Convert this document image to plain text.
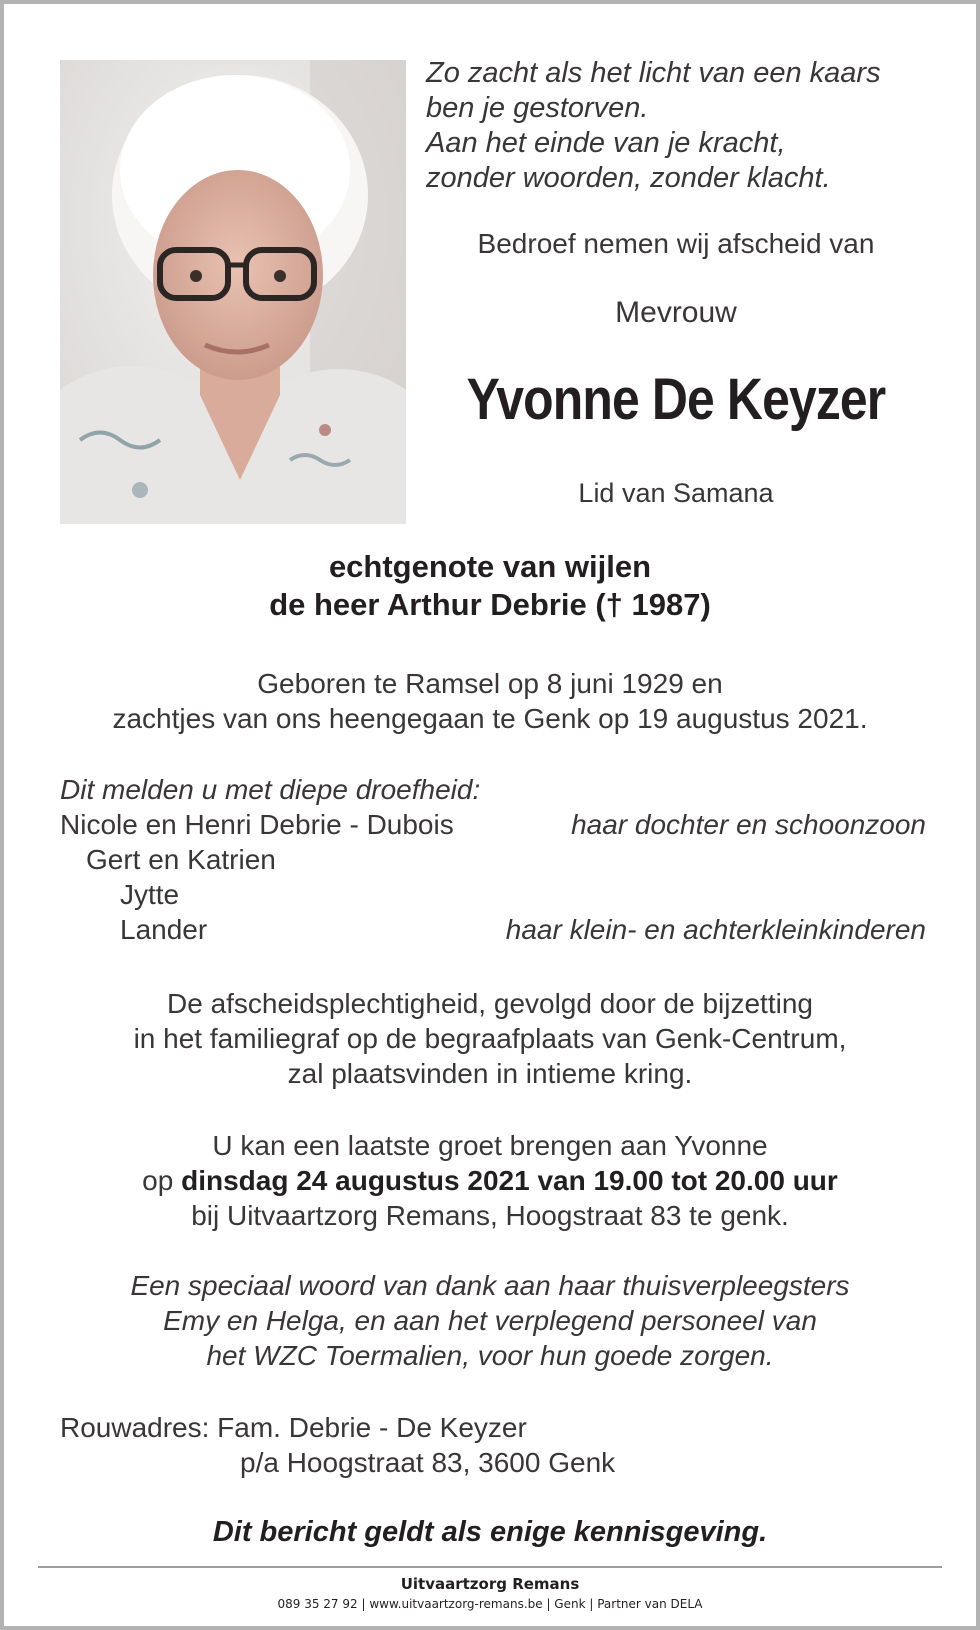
Zo zacht als het licht van een kaars
ben je gestorven.
Aan het einde van je kracht,
zonder woorden, zonder klacht.
Bedroef nemen wij afscheid van
Mevrouw
Yvonne De Keyzer
Lid van Samana
echtgenote van wijlen
de heer Arthur Debrie († 1987)
Geboren te Ramsel op 8 juni 1929 en
zachtjes van ons heengegaan te Genk op 19 augustus 2021.
Dit melden u met diepe droefheid:
Nicole en Henri Debrie - Dubois	haar dochter en schoonzoon
Gert en Katrien
Jytte
Lander	haar klein- en achterkleinkinderen
De afscheidsplechtigheid, gevolgd door de bijzetting
in het familiegraf op de begraafplaats van Genk-Centrum,
zal plaatsvinden in intieme kring.
U kan een laatste groet brengen aan Yvonne
op dinsdag 24 augustus 2021 van 19.00 tot 20.00 uur
bij Uitvaartzorg Remans, Hoogstraat 83 te genk.
Een speciaal woord van dank aan haar thuisverpleegsters
Emy en Helga, en aan het verplegend personeel van
het WZC Toermalien, voor hun goede zorgen.
Rouwadres: Fam. Debrie - De Keyzer
p/a Hoogstraat 83, 3600 Genk
Dit bericht geldt als enige kennisgeving.
Uitvaartzorg Remans
089 35 27 92 | www.uitvaartzorg-remans.be | Genk | Partner van DELA
